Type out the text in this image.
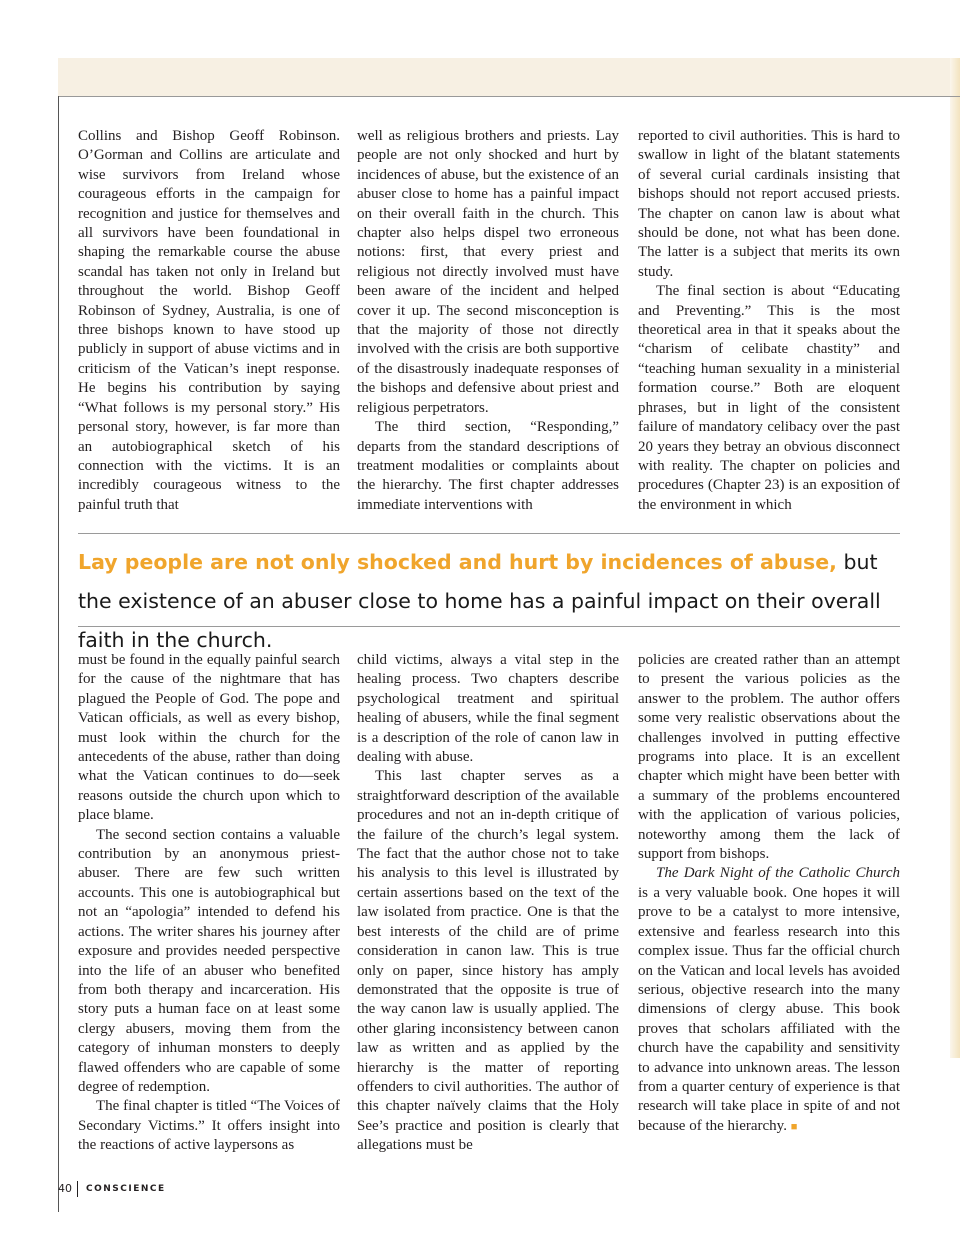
Collins and Bishop Geoff Robinson. O’Gorman and Collins are articulate and wise survivors from Ireland whose courageous efforts in the campaign for recognition and justice for themselves and all survivors have been foundational in shaping the remarkable course the abuse scandal has taken not only in Ireland but throughout the world. Bishop Geoff Robinson of Sydney, Australia, is one of three bishops known to have stood up publicly in support of abuse victims and in criticism of the Vatican’s inept response. He begins his contribution by saying “What follows is my personal story.” His personal story, however, is far more than an autobiographical sketch of his connection with the victims. It is an incredibly courageous witness to the painful truth that

well as religious brothers and priests. Lay people are not only shocked and hurt by incidences of abuse, but the existence of an abuser close to home has a painful impact on their overall faith in the church. This chapter also helps dispel two erroneous notions: first, that every priest and religious not directly involved must have been aware of the incident and helped cover it up. The second misconception is that the majority of those not directly involved with the crisis are both supportive of the disastrously inadequate responses of the bishops and defensive about priest and religious perpetrators.

The third section, “Responding,” departs from the standard descriptions of treatment modalities or complaints about the hierarchy. The first chapter addresses immediate interventions with

reported to civil authorities. This is hard to swallow in light of the blatant statements of several curial cardinals insisting that bishops should not report accused priests. The chapter on canon law is about what should be done, not what has been done. The latter is a subject that merits its own study.

The final section is about “Educating and Preventing.” This is the most theoretical area in that it speaks about the “charism of celibate chastity” and “teaching human sexuality in a ministerial formation course.” Both are eloquent phrases, but in light of the consistent failure of mandatory celibacy over the past 20 years they betray an obvious disconnect with reality. The chapter on policies and procedures (Chapter 23) is an exposition of the environment in which

Lay people are not only shocked and hurt by incidences of abuse, but the existence of an abuser close to home has a painful impact on their overall faith in the church.

must be found in the equally painful search for the cause of the nightmare that has plagued the People of God. The pope and Vatican officials, as well as every bishop, must look within the church for the antecedents of the abuse, rather than doing what the Vatican continues to do—seek reasons outside the church upon which to place blame.

The second section contains a valuable contribution by an anonymous priest-abuser. There are few such written accounts. This one is autobiographical but not an “apologia” intended to defend his actions. The writer shares his journey after exposure and provides needed perspective into the life of an abuser who benefited from both therapy and incarceration. His story puts a human face on at least some clergy abusers, moving them from the category of inhuman monsters to deeply flawed offenders who are capable of some degree of redemption.

The final chapter is titled “The Voices of Secondary Victims.” It offers insight into the reactions of active laypersons as

child victims, always a vital step in the healing process. Two chapters describe psychological treatment and spiritual healing of abusers, while the final segment is a description of the role of canon law in dealing with abuse.

This last chapter serves as a straightforward description of the available procedures and not an in-depth critique of the failure of the church’s legal system. The fact that the author chose not to take his analysis to this level is illustrated by certain assertions based on the text of the law isolated from practice. One is that the best interests of the child are of prime consideration in canon law. This is true only on paper, since history has amply demonstrated that the opposite is true of the way canon law is usually applied. The other glaring inconsistency between canon law as written and as applied by the hierarchy is the matter of reporting offenders to civil authorities. The author of this chapter naïvely claims that the Holy See’s practice and position is clearly that allegations must be

policies are created rather than an attempt to present the various policies as the answer to the problem. The author offers some very realistic observations about the challenges involved in putting effective programs into place. It is an excellent chapter which might have been better with a summary of the problems encountered with the application of various policies, noteworthy among them the lack of support from bishops.

The Dark Night of the Catholic Church is a very valuable book. One hopes it will prove to be a catalyst to more intensive, extensive and fearless research into this complex issue. Thus far the official church on the Vatican and local levels has avoided serious, objective research into the many dimensions of clergy abuse. This book proves that scholars affiliated with the church have the capability and sensitivity to advance into unknown areas. The lesson from a quarter century of experience is that research will take place in spite of and not because of the hierarchy. ■

40 CONSCIENCE
